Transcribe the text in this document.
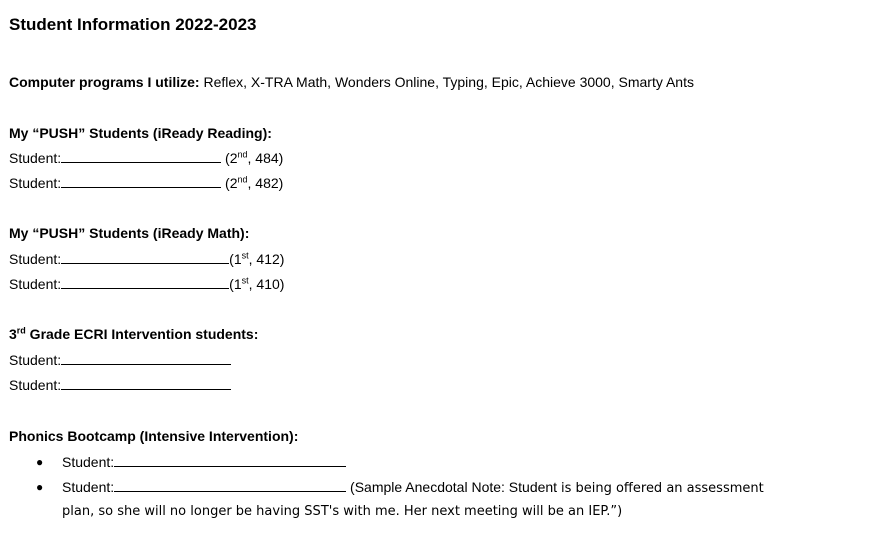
Student Information 2022-2023
Computer programs I utilize: Reflex, X-TRA Math, Wonders Online, Typing, Epic, Achieve 3000, Smarty Ants
My “PUSH” Students (iReady Reading):
Student:	(2nd, 484)
Student:	(2nd, 482)
My “PUSH” Students (iReady Math):
Student:	(1st, 412)
Student:	(1st, 410)
3rd Grade ECRI Intervention students:
Student:
Student:
Phonics Bootcamp (Intensive Intervention):
● Student:
● Student:	(Sample Anecdotal Note: Student is being offered an assessment
plan, so she will no longer be having SST's with me. Her next meeting will be an IEP.”)
